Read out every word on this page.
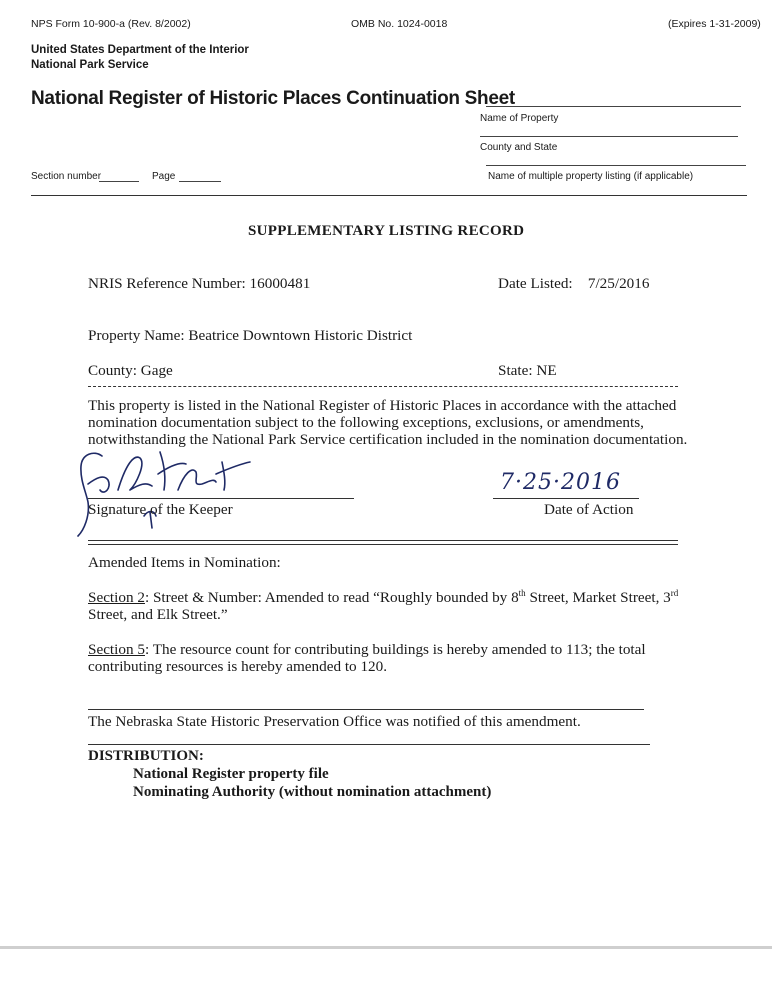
NPS Form 10-900-a (Rev. 8/2002)	OMB No. 1024-0018	(Expires 1-31-2009)
United States Department of the Interior
National Park Service
National Register of Historic Places Continuation Sheet
Name of Property
County and State
Name of multiple property listing (if applicable)
Section number	Page
SUPPLEMENTARY LISTING RECORD
NRIS Reference Number: 16000481	Date Listed: 7/25/2016
Property Name: Beatrice Downtown Historic District
County: Gage	State: NE
This property is listed in the National Register of Historic Places in accordance with the attached nomination documentation subject to the following exceptions, exclusions, or amendments, notwithstanding the National Park Service certification included in the nomination documentation.
Signature of the Keeper
7·25·2016
Date of Action
Amended Items in Nomination:
Section 2: Street & Number: Amended to read “Roughly bounded by 8th Street, Market Street, 3rd Street, and Elk Street.”
Section 5: The resource count for contributing buildings is hereby amended to 113; the total contributing resources is hereby amended to 120.
The Nebraska State Historic Preservation Office was notified of this amendment.
DISTRIBUTION:
National Register property file
Nominating Authority (without nomination attachment)
